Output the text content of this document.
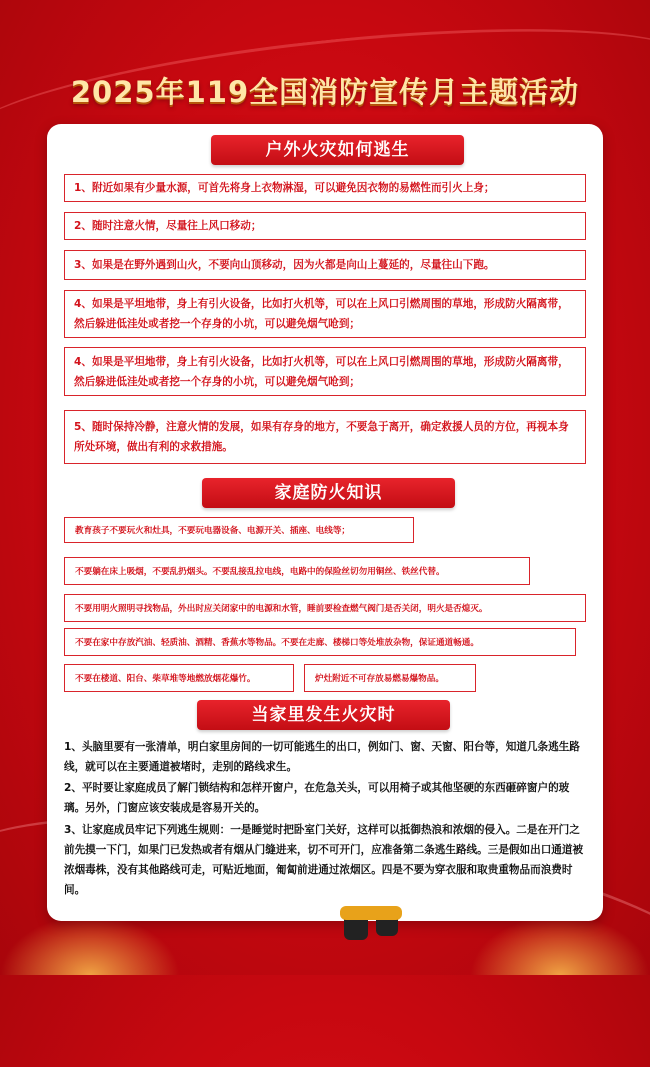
2025年119全国消防宣传月主题活动
户外火灾如何逃生
1、附近如果有少量水源，可首先将身上衣物淋湿，可以避免因衣物的易燃性而引火上身；
2、随时注意火情，尽量往上风口移动；
3、如果是在野外遇到山火，不要向山顶移动，因为火都是向山上蔓延的，尽量往山下跑。
4、如果是平坦地带，身上有引火设备，比如打火机等，可以在上风口引燃周围的草地，形成防火隔离带，然后躲进低洼处或者挖一个存身的小坑，可以避免烟气呛到；
4、如果是平坦地带，身上有引火设备，比如打火机等，可以在上风口引燃周围的草地，形成防火隔离带，然后躲进低洼处或者挖一个存身的小坑，可以避免烟气呛到；
5、随时保持冷静，注意火情的发展，如果有存身的地方，不要急于离开，确定救援人员的方位，再视本身所处环境，做出有利的求救措施。
家庭防火知识
教育孩子不要玩火和灶具，不要玩电器设备、电源开关、插座、电线等；
不要躺在床上吸烟，不要乱扔烟头。不要乱接乱拉电线，电路中的保险丝切勿用铜丝、铁丝代替。
不要用明火照明寻找物品，外出时应关闭家中的电源和水管，睡前要检查燃气阀门是否关闭，明火是否熄灭。
不要在家中存放汽油、轻质油、酒精、香蕉水等物品。不要在走廊、楼梯口等处堆放杂物，保证通道畅通。
不要在楼道、阳台、柴草堆等地燃放烟花爆竹。	炉灶附近不可存放易燃易爆物品。
当家里发生火灾时
1、头脑里要有一张清单，明白家里房间的一切可能逃生的出口，例如门、窗、天窗、阳台等，知道几条逃生路线，就可以在主要通道被堵时，走别的路线求生。
2、平时要让家庭成员了解门锁结构和怎样开窗户，在危急关头，可以用椅子或其他坚硬的东西砸碎窗户的玻璃。另外，门窗应该安装成是容易开关的。
3、让家庭成员牢记下列逃生规则：一是睡觉时把卧室门关好，这样可以抵御热浪和浓烟的侵入。二是在开门之前先摸一下门，如果门已发热或者有烟从门缝进来，切不可开门，应准备第二条逃生路线。三是假如出口通道被浓烟毒株，没有其他路线可走，可贴近地面，匍匐前进通过浓烟区。四是不要为穿衣服和取贵重物品而浪费时间。
